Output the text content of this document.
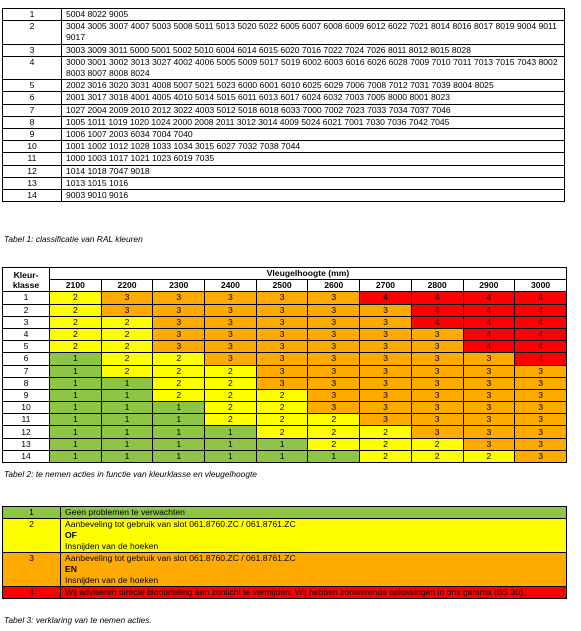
1	5004 8022 9005
2	3004 3005 3007 4007 5003 5008 5011 5013 5020 5022 6005 6007 6008 6009 6012 6022 7021 8014 8016 8017 8019 9004 9011 9017
3	3003 3009 3011 5000 5001 5002 5010 6004 6014 6015 6020 7016 7022 7024 7026 8011 8012 8015 8028
4	3000 3001 3002 3013 3027 4002 4006 5005 5009 5017 5019 6002 6003 6016 6026 6028 7009 7010 7011 7013 7015 7043 8002 8003 8007 8008 8024
5	2002 3016 3020 3031 4008 5007 5021 5023 6000 6001 6010 6025 6029 7006 7008 7012 7031 7039 8004 8025
6	2001 3017 3018 4001 4005 4010 5014 5015 6011 6013 6017 6024 6032 7003 7005 8000 8001 8023
7	1027 2004 2009 2010 2012 3022 4003 5012 5018 6018 6033 7000 7002 7023 7033 7034 7037 7046
8	1005 1011 1019 1020 1024 2000 2008 2011 3012 3014 4009 5024 6021 7001 7030 7036 7042 7045
9	1006 1007 2003 6034 7004 7040
10	1001 1002 1012 1028 1033 1034 3015 6027 7032 7038 7044
11	1000 1003 1017 1021 1023 6019 7035
12	1014 1018 7047 9018
13	1013 1015 1016
14	9003 9010 9016
Tabel 1: classificatie van RAL kleuren
Kleur-
klasse	Vleugelhoogte (mm)									
	2100	2200	2300	2400	2500	2600	2700	2800	2900	3000
1	2	3	3	3	3	3	4	4	4	4
2	2	3	3	3	3	3	3	4	4	4
3	2	2	3	3	3	3	3	4	4	4
4	2	2	3	3	3	3	3	3	4	4
5	2	2	3	3	3	3	3	3	4	4
6	1	2	2	3	3	3	3	3	3	4
7	1	2	2	2	3	3	3	3	3	3
8	1	1	2	2	3	3	3	3	3	3
9	1	1	2	2	2	3	3	3	3	3
10	1	1	1	2	2	3	3	3	3	3
11	1	1	1	2	2	2	3	3	3	3
12	1	1	1	1	2	2	2	3	3	3
13	1	1	1	1	1	2	2	2	3	3
14	1	1	1	1	1	1	2	2	2	3
Tabel 2: te nemen acties in functie van kleurklasse en vleugelhoogte
1	Geen problemen te verwachten

2	Aanbeveling tot gebruik van slot 061.8760.ZC / 061.8761.ZC
OF
Insnijden van de hoeken

3	Aanbeveling tot gebruik van slot 061.8760.ZC / 061.8761.ZC
EN
Insnijden van de hoeken

4	Wij adviseren directe blootstelling aan zonlicht te vermijden. Wij hebben zonwerende oplossingen in ons gamma (BS 30).
Tabel 3: verklaring van te nemen acties.
